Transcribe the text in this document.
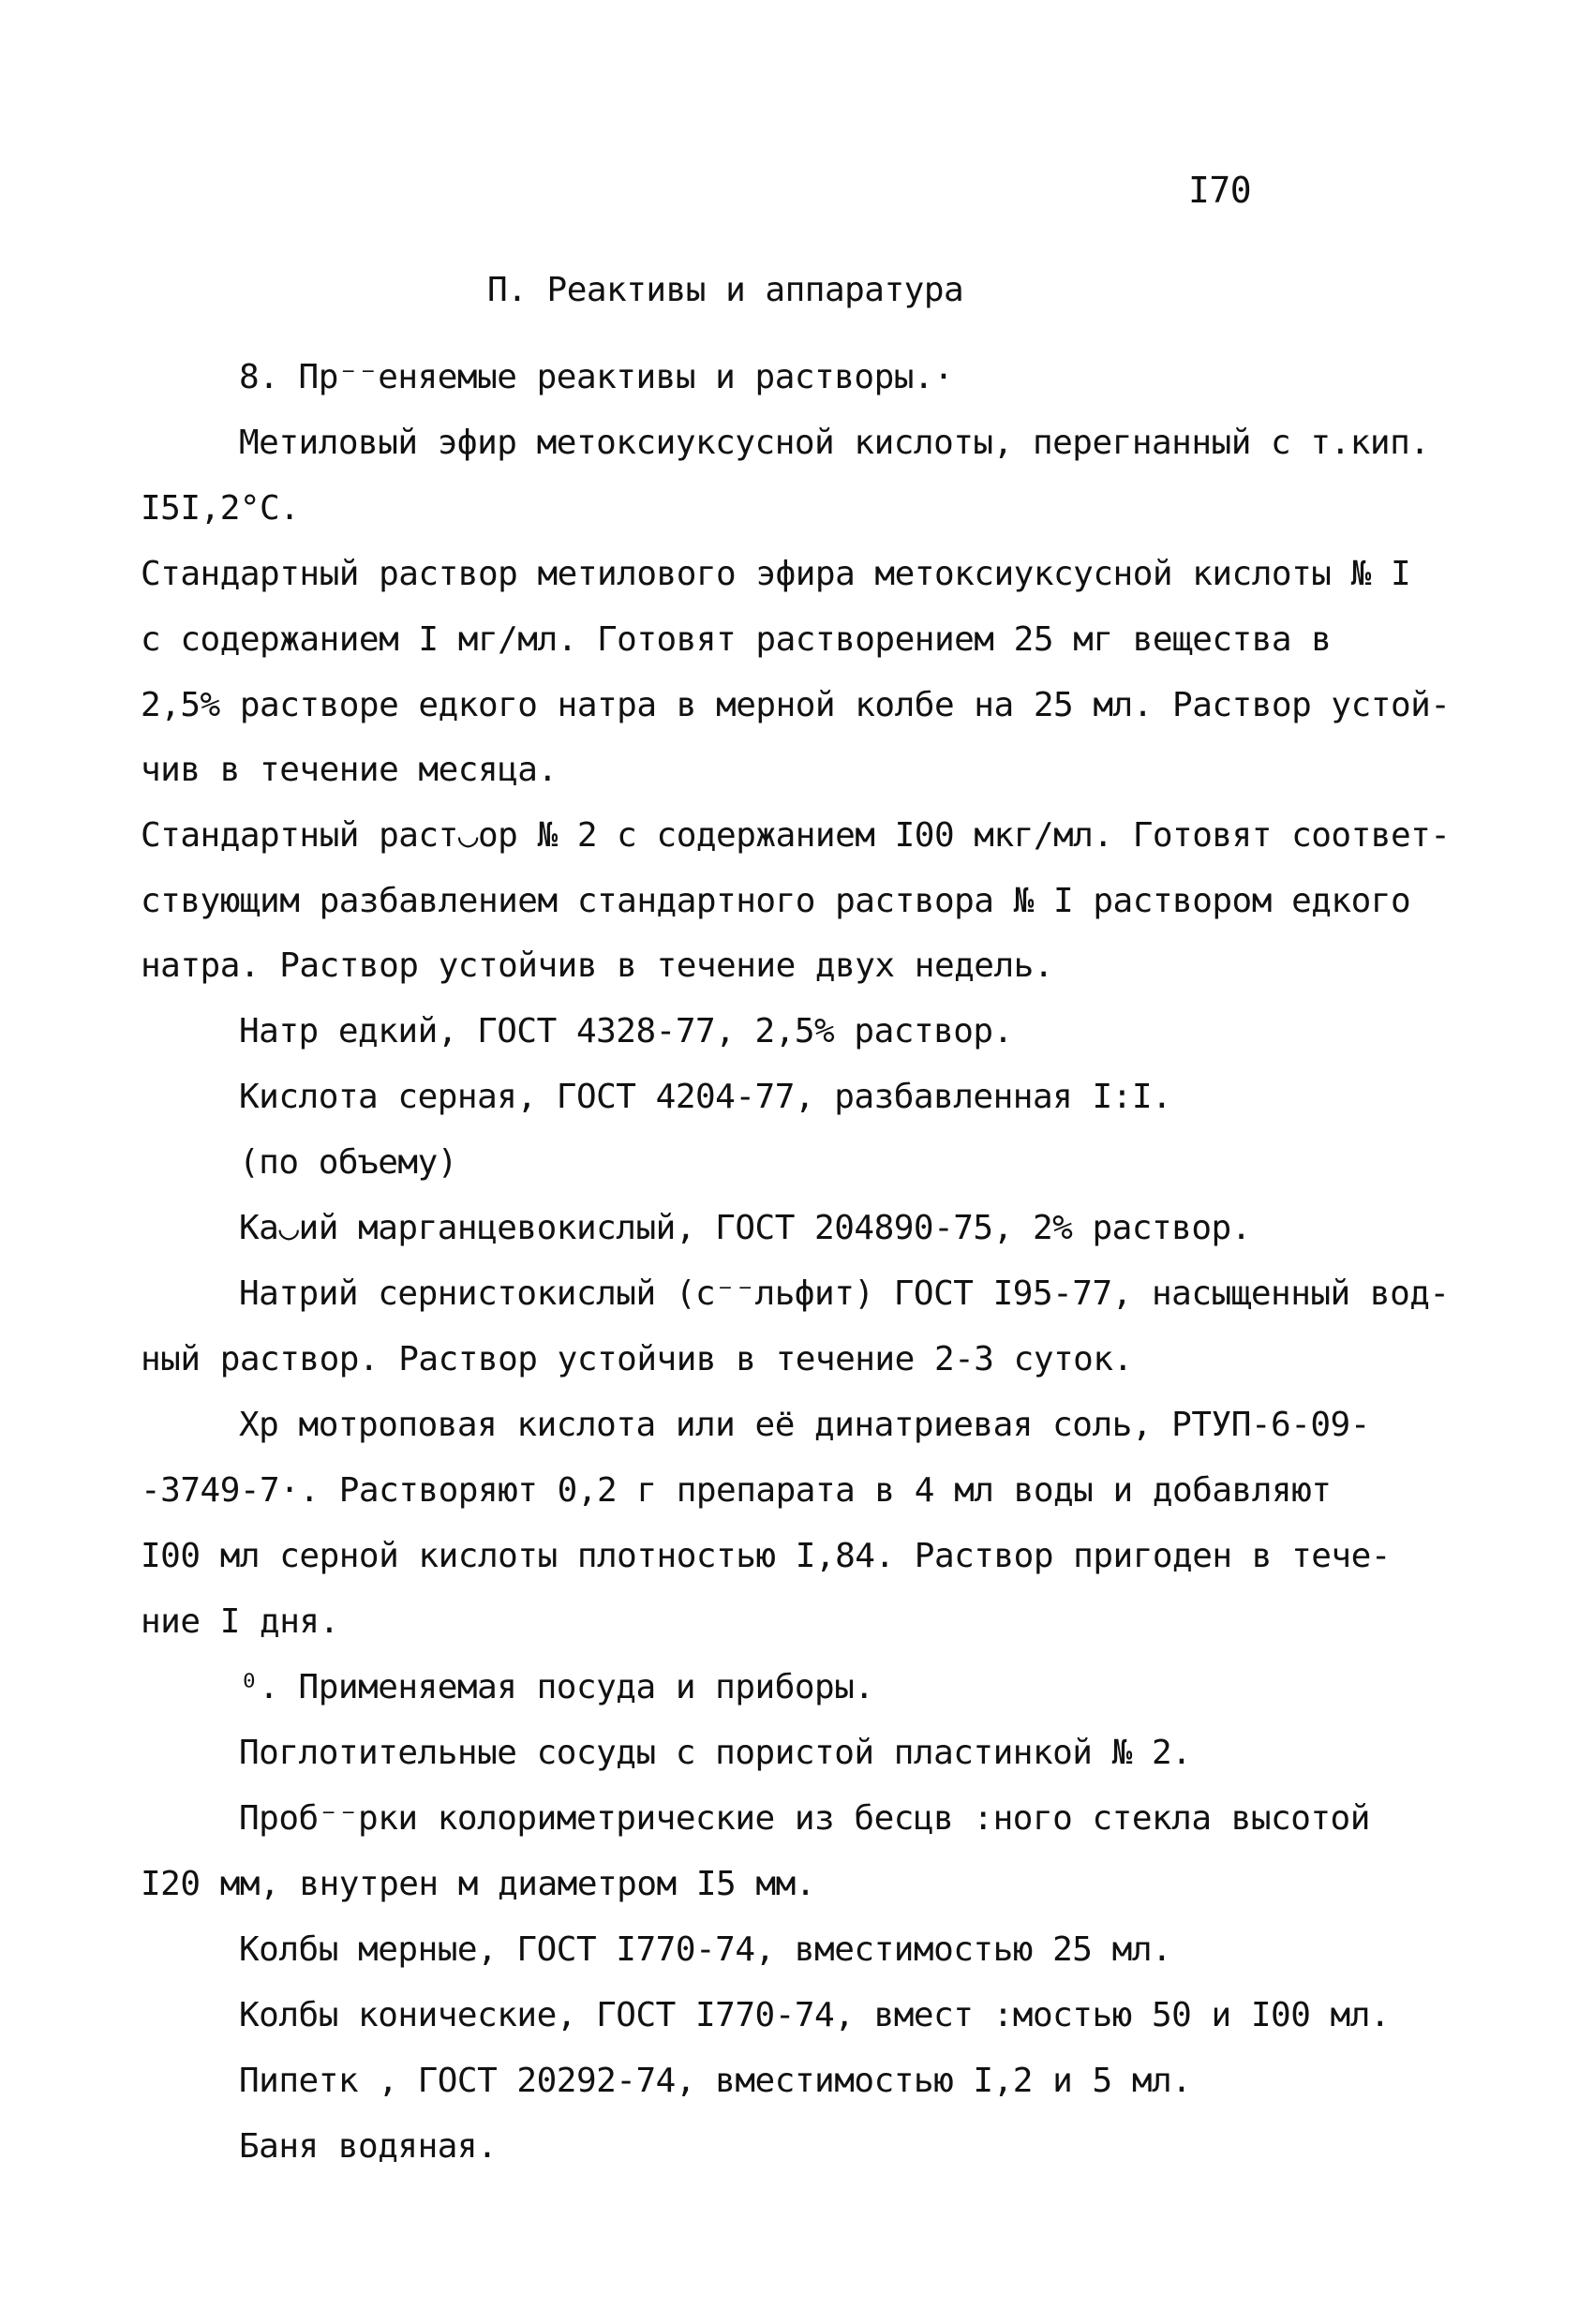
I70
П. Реактивы и аппаратура
8. Пр⁻⁻еняемые реактивы и растворы.·
Метиловый эфир метоксиуксусной кислоты, перегнанный с т.кип.
I5I,2°C.
Стандартный раствор метилового эфира метоксиуксусной кислоты № I
с содержанием I мг/мл. Готовят растворением 25 мг вещества в
2,5% растворе едкого натра в мерной колбе на 25 мл. Раствор устой-
чив в течение месяца.
Стандартный раст◡ор № 2 с содержанием I00 мкг/мл. Готовят соответ-
ствующим разбавлением стандартного раствора № I раствором едкого
натра. Раствор устойчив в течение двух недель.
Натр едкий, ГОСТ 4328-77, 2,5% раствор.
Кислота серная, ГОСТ 4204-77, разбавленная I:I.
(по объему)
Ка◡ий марганцевокислый, ГОСТ 204890-75, 2% раствор.
Натрий сернистокислый (с⁻⁻льфит) ГОСТ I95-77, насыщенный вод-
ный раствор. Раствор устойчив в течение 2-3 суток.
Хр мотроповая кислота или её динатриевая соль, РТУП-6-09-
-3749-7·. Растворяют 0,2 г препарата в 4 мл воды и добавляют
I00 мл серной кислоты плотностью I,84. Раствор пригоден в тече-
ние I дня.
⁰. Применяемая посуда и приборы.
Поглотительные сосуды с пористой пластинкой № 2.
Проб⁻⁻рки колориметрические из бесцв :ного стекла высотой
I20 мм, внутрен м диаметром I5 мм.
Колбы мерные, ГОСТ I770-74, вместимостью 25 мл.
Колбы конические, ГОСТ I770-74, вмест :мостью 50 и I00 мл.
Пипетк , ГОСТ 20292-74, вместимостью I,2 и 5 мл.
Баня водяная.
